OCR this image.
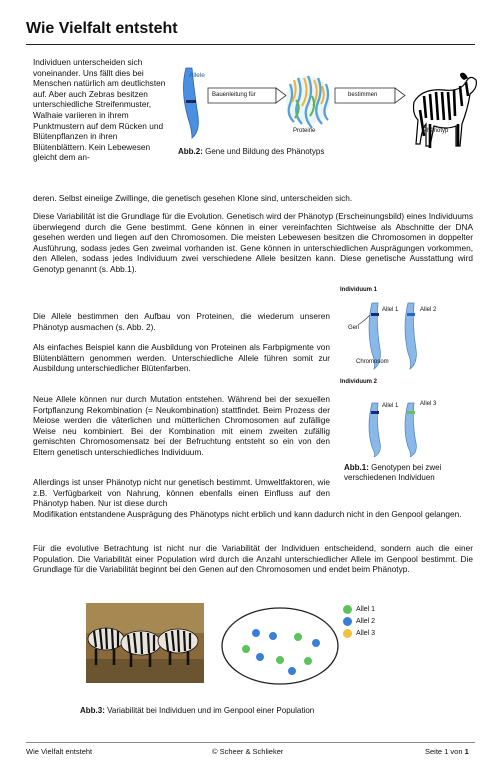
Wie Vielfalt entsteht

Individuen unterscheiden sich voneinander. Uns fällt dies bei Menschen natürlich am deutlichsten auf. Aber auch Zebras besitzen unterschiedliche Streifenmuster, Walhaie variieren in ihrem Punktmustern auf dem Rücken und Blütenpflanzen in ihren Blütenblättern. Kein Lebewesen gleicht dem an-

deren. Selbst eineiige Zwillinge, die genetisch gesehen Klone sind, unterscheiden sich.

Allele
Bauenleitung für	bestimmen
Proteine	Phänotyp

Abb.2: Gene und Bildung des Phänotyps

Diese Variabilität ist die Grundlage für die Evolution. Genetisch wird der Phänotyp (Erscheinungsbild) eines Individuums überwiegend durch die Gene bestimmt. Gene können in einer vereinfachten Sichtweise als Abschnitte der DNA gesehen werden und liegen auf den Chromosomen. Die meisten Lebewesen besitzen die Chromosomen in doppelter Ausführung, sodass jedes Gen zweimal vorhanden ist. Gene können in unterschiedlichen Ausprägungen vorkommen, den Allelen, sodass jedes Individuum zwei verschiedene Allele besitzen kann. Diese genetische Ausstattung wird Genotyp genannt (s. Abb.1).

Die Allele bestimmen den Aufbau von Proteinen, die wiederum unseren Phänotyp ausmachen (s. Abb. 2).

Als einfaches Beispiel kann die Ausbildung von Proteinen als Farbpigmente von Blütenblättern genommen werden. Unterschiedliche Allele führen somit zur Ausbildung unterschiedlicher Blütenfarben.

Neue Allele können nur durch Mutation entstehen. Während bei der sexuellen Fortpflanzung Rekombination (= Neukombination) stattfindet. Beim Prozess der Meiose werden die väterlichen und mütterlichen Chromosomen auf zufällige Weise neu kombiniert. Bei der Kombination mit einem zweiten zufällig gemischten Chromosomensatz bei der Befruchtung entsteht so ein von den Eltern genetisch unterschiedliches Individuum.

Allerdings ist unser Phänotyp nicht nur genetisch bestimmt. Umweltfaktoren, wie z.B. Verfügbarkeit von Nahrung, können ebenfalls einen Einfluss auf den Phänotyp haben. Nur ist diese durch

Modifikation entstandene Ausprägung des Phänotyps nicht erblich und kann dadurch nicht in den Genpool gelangen.

Für die evolutive Betrachtung ist nicht nur die Variabilität der Individuen entscheidend, sondern auch die einer Population. Die Variabilität einer Population wird durch die Anzahl unterschiedlicher Allele im Genpool bestimmt. Die Grundlage für die Variabilität beginnt bei den Genen auf den Chromosomen und endet beim Phänotyp.

Individuum 1
Allel 1	Allel 2
Gen
Chromosom
Individuum 2
Allel 1	Allel 3

Abb.1: Genotypen bei zwei verschiedenen Individuen

Allel 1
Allel 2
Allel 3

Abb.3: Variabilität bei Individuen und im Genpool einer Population

Wie Vielfalt entsteht	© Scheer & Schlieker	Seite 1 von 1
